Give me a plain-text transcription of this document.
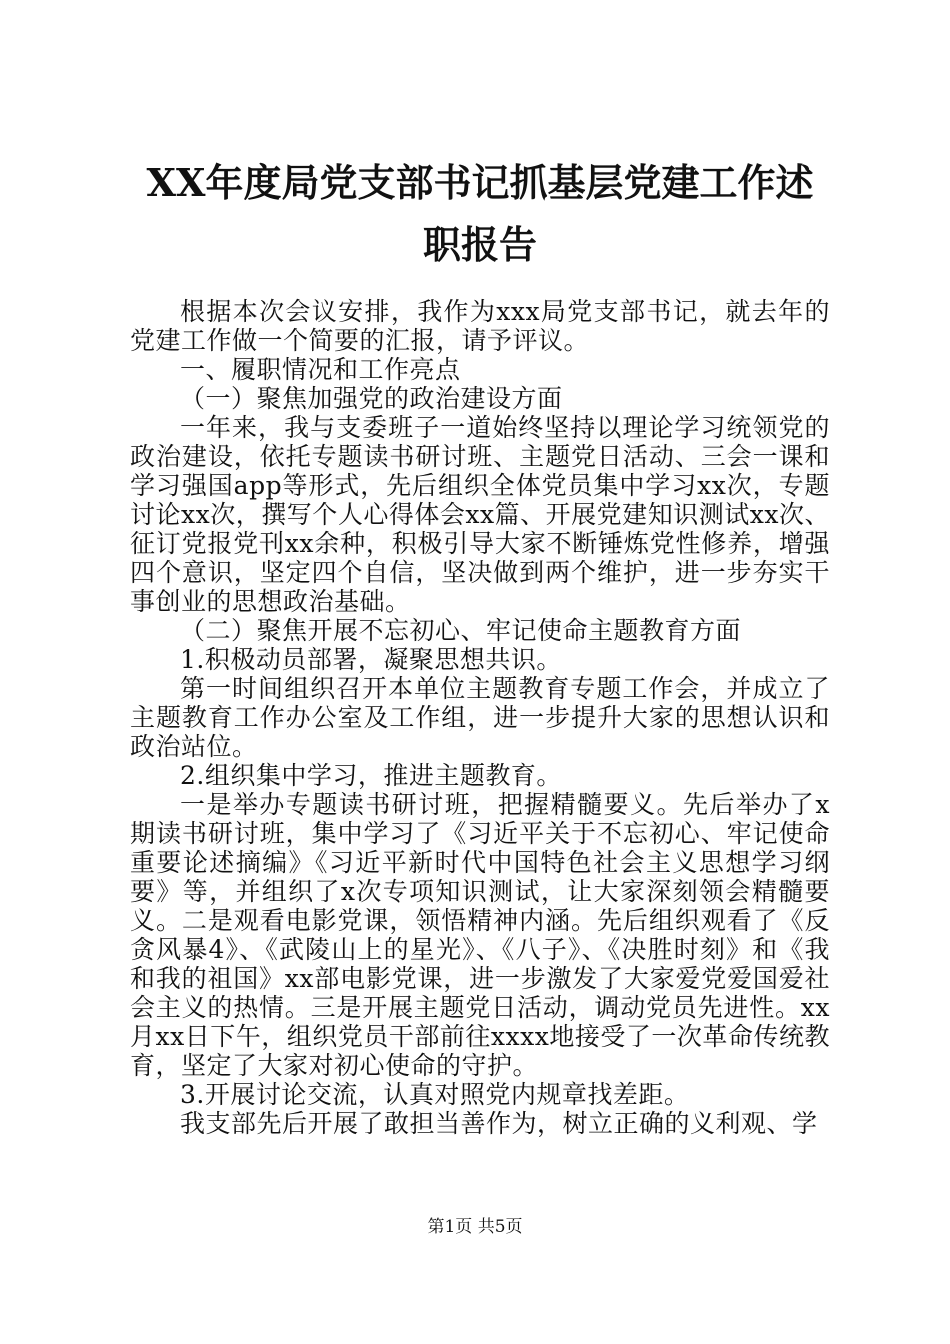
XX年度局党支部书记抓基层党建工作述职报告

根据本次会议安排，我作为xxx局党支部书记，就去年的党建工作做一个简要的汇报，请予评议。

一、履职情况和工作亮点

（一）聚焦加强党的政治建设方面

一年来，我与支委班子一道始终坚持以理论学习统领党的政治建设，依托专题读书研讨班、主题党日活动、三会一课和学习强国app等形式，先后组织全体党员集中学习xx次，专题讨论xx次，撰写个人心得体会xx篇、开展党建知识测试xx次、征订党报党刊xx余种，积极引导大家不断锤炼党性修养，增强四个意识，坚定四个自信，坚决做到两个维护，进一步夯实干事创业的思想政治基础。

（二）聚焦开展不忘初心、牢记使命主题教育方面

1.积极动员部署，凝聚思想共识。

第一时间组织召开本单位主题教育专题工作会，并成立了主题教育工作办公室及工作组，进一步提升大家的思想认识和政治站位。

2.组织集中学习，推进主题教育。

一是举办专题读书研讨班，把握精髓要义。先后举办了x期读书研讨班，集中学习了《习近平关于不忘初心、牢记使命重要论述摘编》《习近平新时代中国特色社会主义思想学习纲要》等，并组织了x次专项知识测试，让大家深刻领会精髓要义。二是观看电影党课，领悟精神内涵。先后组织观看了《反贪风暴4》、《武陵山上的星光》、《八子》、《决胜时刻》和《我和我的祖国》xx部电影党课，进一步激发了大家爱党爱国爱社会主义的热情。三是开展主题党日活动，调动党员先进性。xx月xx日下午，组织党员干部前往xxxx地接受了一次革命传统教育，坚定了大家对初心使命的守护。

3.开展讨论交流，认真对照党内规章找差距。

我支部先后开展了敢担当善作为，树立正确的义利观、学

第1页 共5页
